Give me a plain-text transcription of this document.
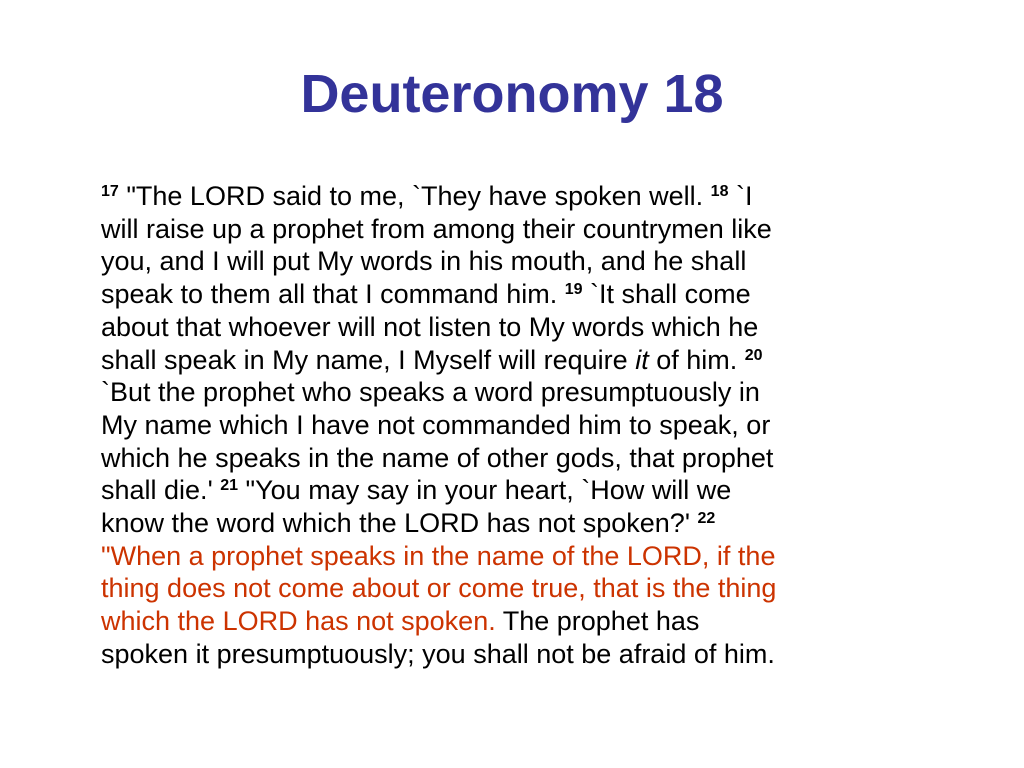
Deuteronomy 18
$^{17}$ "The LORD said to me, `They have spoken well. $^{18}$ `I
will raise up a prophet from among their countrymen like
you, and I will put My words in his mouth, and he shall
speak to them all that I command him. $^{19}$ `It shall come
about that whoever will not listen to My words which he
shall speak in My name, I Myself will require it of him. $^{20}$
`But the prophet who speaks a word presumptuously in
My name which I have not commanded him to speak, or
which he speaks in the name of other gods, that prophet
shall die.' $^{21}$ "You may say in your heart, `How will we
know the word which the LORD has not spoken?' $^{22}$
"When a prophet speaks in the name of the LORD, if the
thing does not come about or come true, that is the thing
which the LORD has not spoken. The prophet has
spoken it presumptuously; you shall not be afraid of him.
